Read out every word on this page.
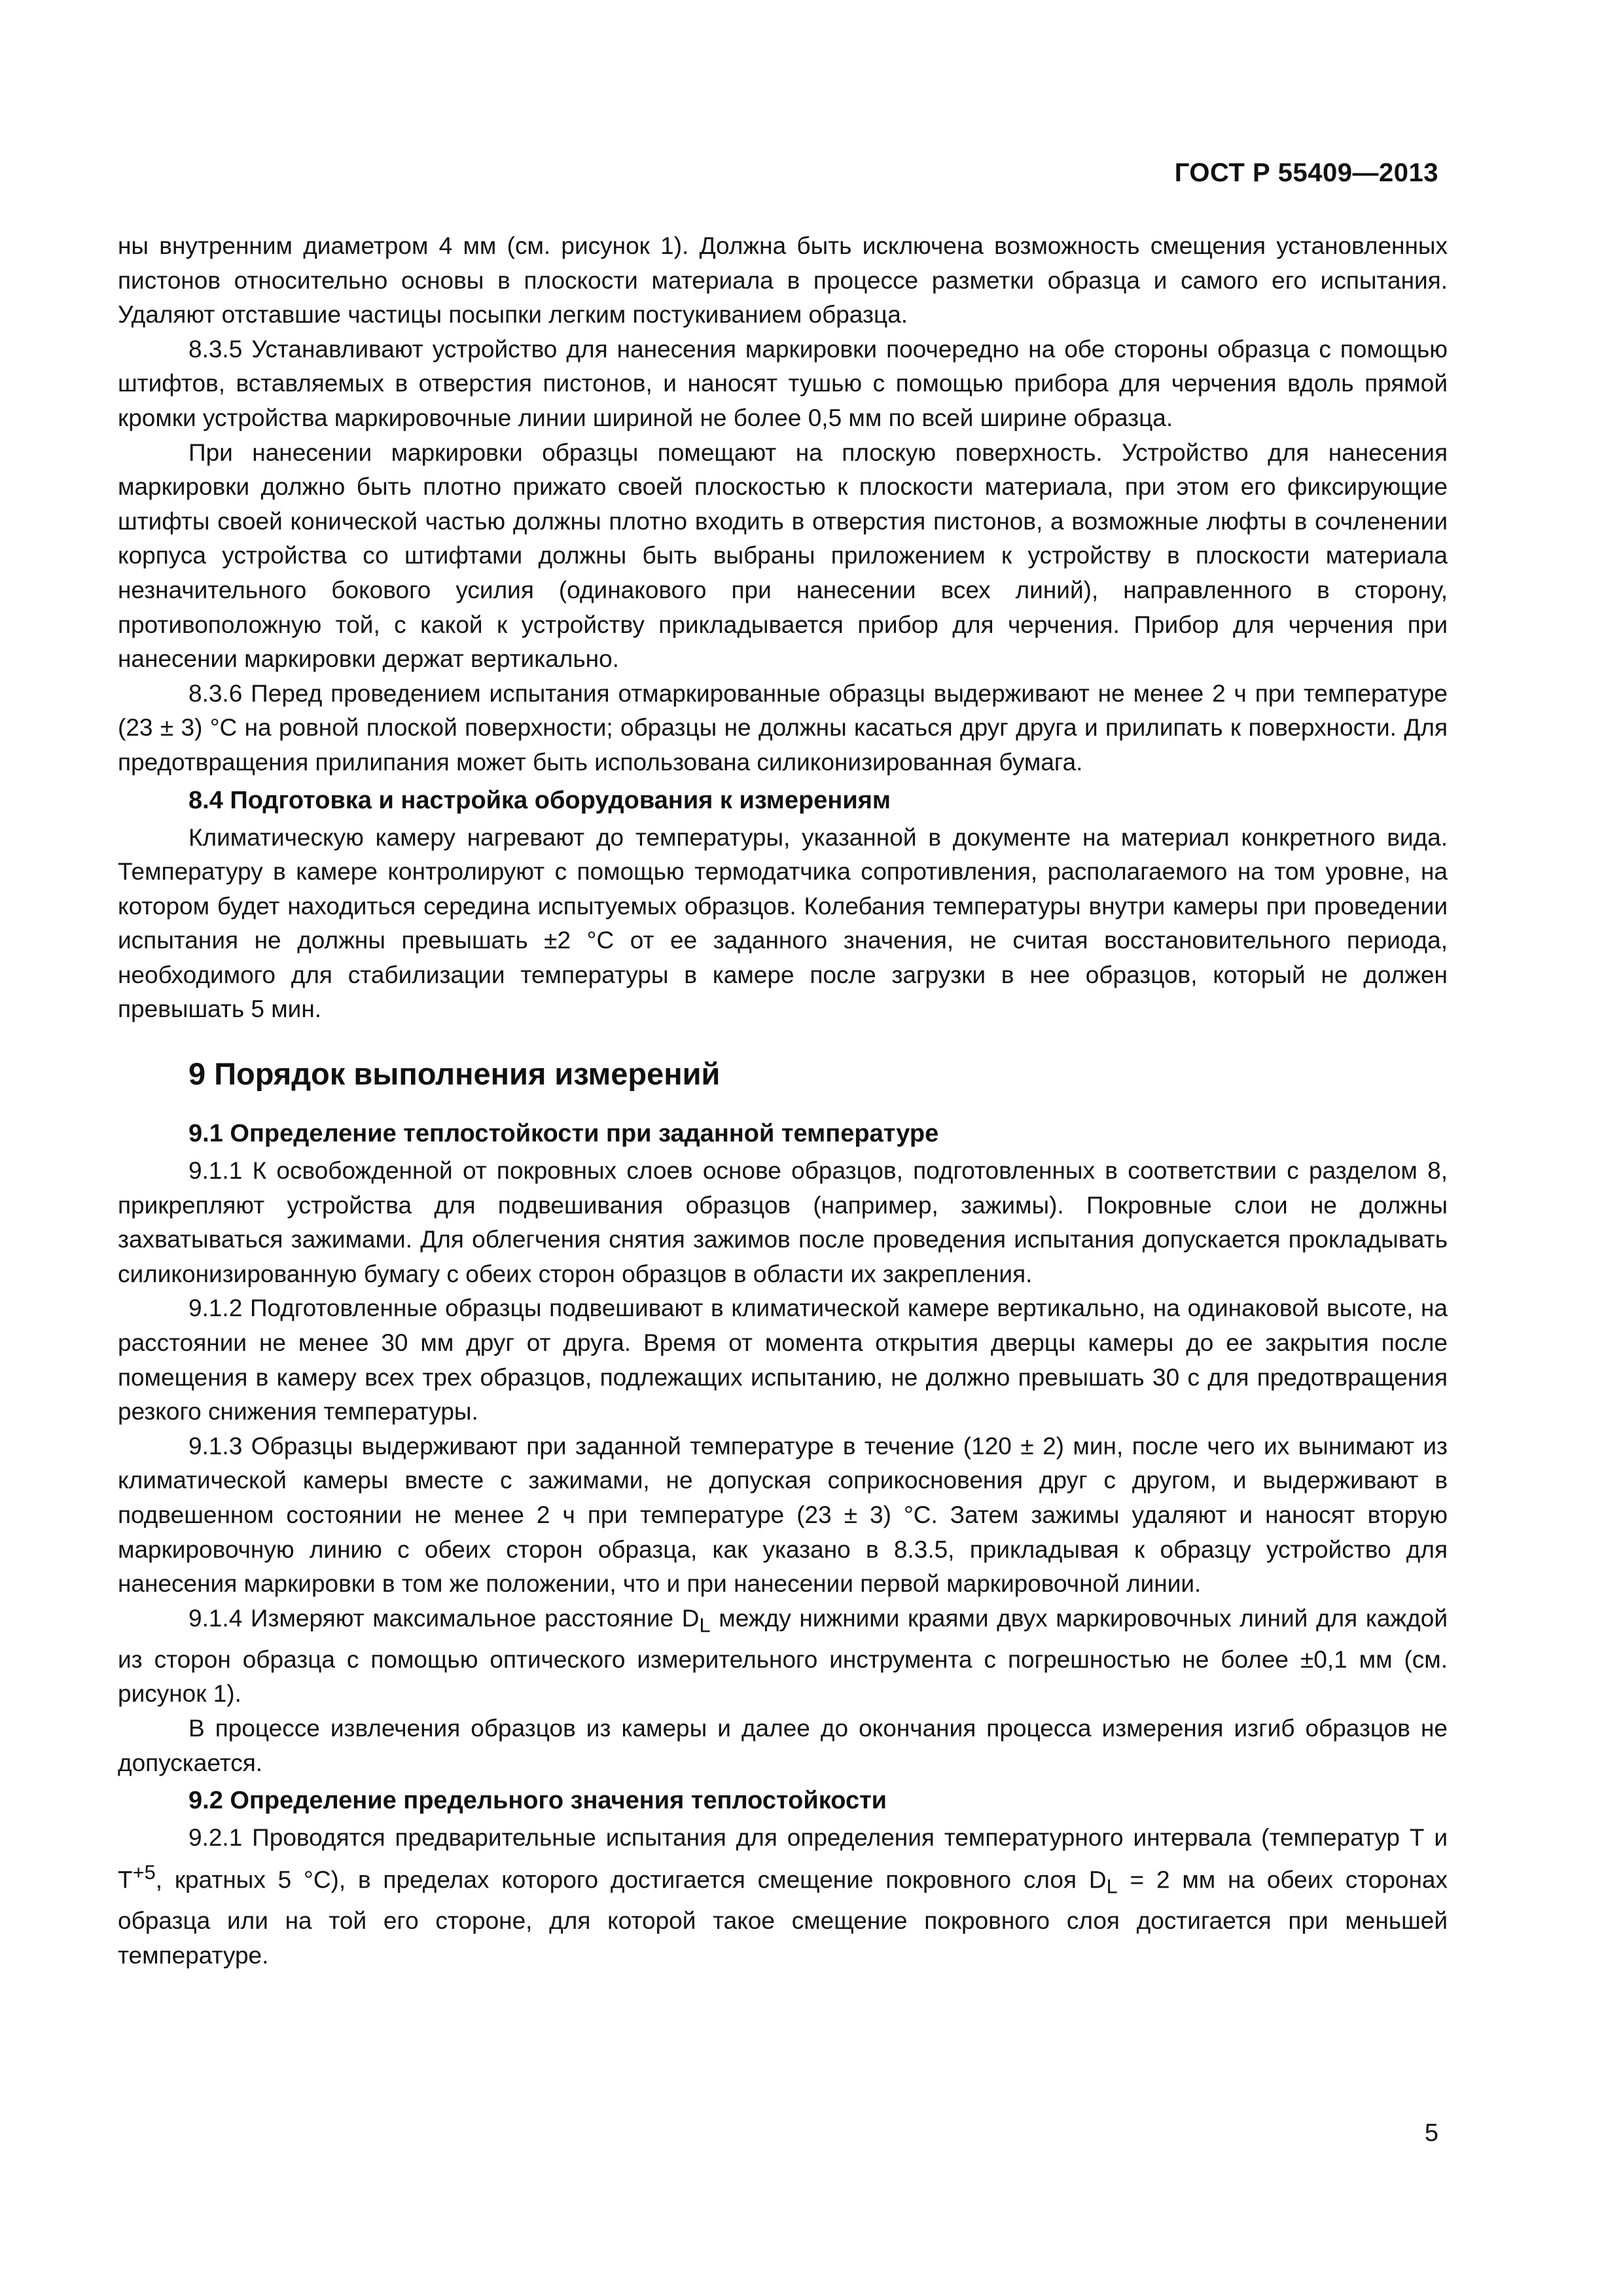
ГОСТ Р 55409—2013

ны внутренним диаметром 4 мм (см. рисунок 1). Должна быть исключена возможность смещения установленных пистонов относительно основы в плоскости материала в процессе разметки образца и самого его испытания. Удаляют отставшие частицы посыпки легким постукиванием образца.

8.3.5 Устанавливают устройство для нанесения маркировки поочередно на обе стороны образца с помощью штифтов, вставляемых в отверстия пистонов, и наносят тушью с помощью прибора для черчения вдоль прямой кромки устройства маркировочные линии шириной не более 0,5 мм по всей ширине образца.

При нанесении маркировки образцы помещают на плоскую поверхность. Устройство для нанесения маркировки должно быть плотно прижато своей плоскостью к плоскости материала, при этом его фиксирующие штифты своей конической частью должны плотно входить в отверстия пистонов, а возможные люфты в сочленении корпуса устройства со штифтами должны быть выбраны приложением к устройству в плоскости материала незначительного бокового усилия (одинакового при нанесении всех линий), направленного в сторону, противоположную той, с какой к устройству прикладывается прибор для черчения. Прибор для черчения при нанесении маркировки держат вертикально.

8.3.6 Перед проведением испытания отмаркированные образцы выдерживают не менее 2 ч при температуре (23 ± 3) °С на ровной плоской поверхности; образцы не должны касаться друг друга и прилипать к поверхности. Для предотвращения прилипания может быть использована силиконизированная бумага.

8.4 Подготовка и настройка оборудования к измерениям

Климатическую камеру нагревают до температуры, указанной в документе на материал конкретного вида. Температуру в камере контролируют с помощью термодатчика сопротивления, располагаемого на том уровне, на котором будет находиться середина испытуемых образцов. Колебания температуры внутри камеры при проведении испытания не должны превышать ±2 °С от ее заданного значения, не считая восстановительного периода, необходимого для стабилизации температуры в камере после загрузки в нее образцов, который не должен превышать 5 мин.

9 Порядок выполнения измерений
9.1 Определение теплостойкости при заданной температуре

9.1.1 К освобожденной от покровных слоев основе образцов, подготовленных в соответствии с разделом 8, прикрепляют устройства для подвешивания образцов (например, зажимы). Покровные слои не должны захватываться зажимами. Для облегчения снятия зажимов после проведения испытания допускается прокладывать силиконизированную бумагу с обеих сторон образцов в области их закрепления.

9.1.2 Подготовленные образцы подвешивают в климатической камере вертикально, на одинаковой высоте, на расстоянии не менее 30 мм друг от друга. Время от момента открытия дверцы камеры до ее закрытия после помещения в камеру всех трех образцов, подлежащих испытанию, не должно превышать 30 с для предотвращения резкого снижения температуры.

9.1.3 Образцы выдерживают при заданной температуре в течение (120 ± 2) мин, после чего их вынимают из климатической камеры вместе с зажимами, не допуская соприкосновения друг с другом, и выдерживают в подвешенном состоянии не менее 2 ч при температуре (23 ± 3) °С. Затем зажимы удаляют и наносят вторую маркировочную линию с обеих сторон образца, как указано в 8.3.5, прикладывая к образцу устройство для нанесения маркировки в том же положении, что и при нанесении первой маркировочной линии.

9.1.4 Измеряют максимальное расстояние $D_L$ между нижними краями двух маркировочных линий для каждой из сторон образца с помощью оптического измерительного инструмента с погрешностью не более ±0,1 мм (см. рисунок 1).

В процессе извлечения образцов из камеры и далее до окончания процесса измерения изгиб образцов не допускается.

9.2 Определение предельного значения теплостойкости

9.2.1 Проводятся предварительные испытания для определения температурного интервала (температур Т и $Т^{+5}$, кратных 5 °С), в пределах которого достигается смещение покровного слоя $D_L = 2$ мм на обеих сторонах образца или на той его стороне, для которой такое смещение покровного слоя достигается при меньшей температуре.

5
